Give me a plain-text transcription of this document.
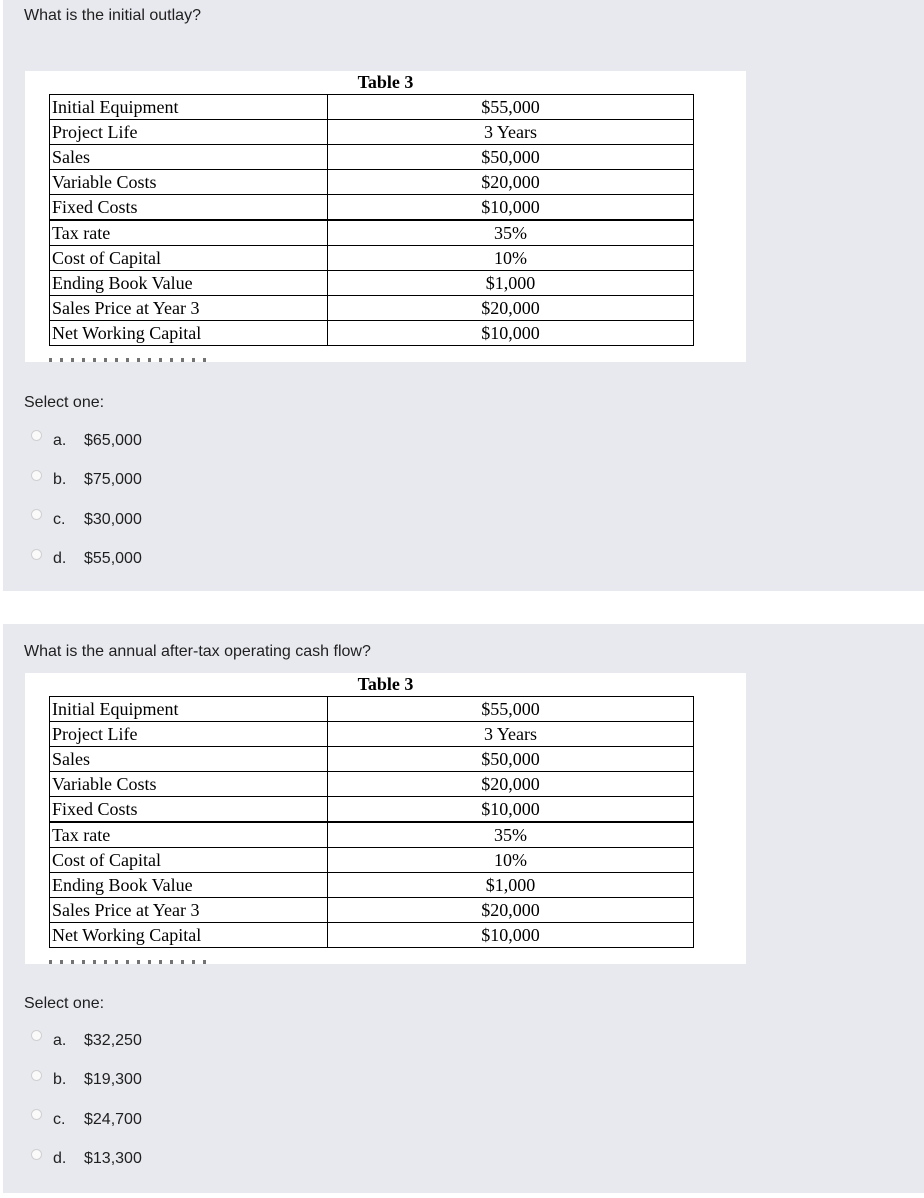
What is the initial outlay?
Table 3
Initial Equipment	$55,000
Project Life	3 Years
Sales	$50,000
Variable Costs	$20,000
Fixed Costs	$10,000
Tax rate	35%
Cost of Capital	10%
Ending Book Value	$1,000
Sales Price at Year 3	$20,000
Net Working Capital	$10,000
Select one:
a.	$65,000
b.	$75,000
c.	$30,000
d.	$55,000
What is the annual after-tax operating cash flow?
Table 3
Initial Equipment	$55,000
Project Life	3 Years
Sales	$50,000
Variable Costs	$20,000
Fixed Costs	$10,000
Tax rate	35%
Cost of Capital	10%
Ending Book Value	$1,000
Sales Price at Year 3	$20,000
Net Working Capital	$10,000
Select one:
a.	$32,250
b.	$19,300
c.	$24,700
d.	$13,300
